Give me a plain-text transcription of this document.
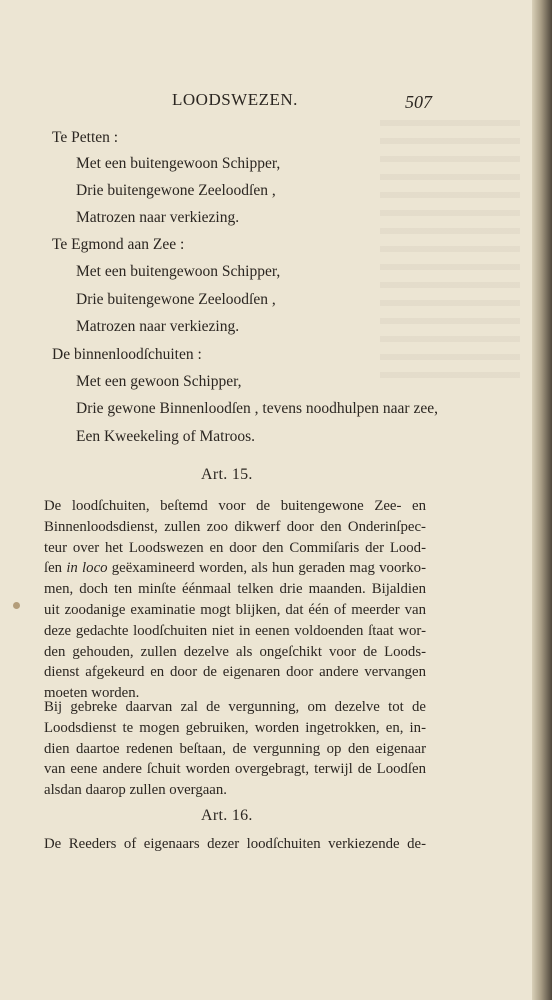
LOODSWEZEN.	507
Te Petten :
Met een buitengewoon Schipper,
Drie buitengewone Zeeloodſen ,
Matrozen naar verkiezing.
Te Egmond aan Zee :
Met een buitengewoon Schipper,
Drie buitengewone Zeeloodſen ,
Matrozen naar verkiezing.
De binnenloodſchuiten :
Met een gewoon Schipper,
Drie gewone Binnenloodſen , tevens noodhulpen naar zee,
Een Kweekeling of Matroos.
Art. 15.
De loodſchuiten, beſtemd voor de buitengewone Zee- en
Binnenloodsdienst, zullen zoo dikwerf door den Onderinſpec-
teur over het Loodswezen en door den Commiſaris der Lood-
ſen in loco geëxamineerd worden, als hun geraden mag voorko-
men, doch ten minſte éénmaal telken drie maanden. Bijaldien
uit zoodanige examinatie mogt blijken, dat één of meerder van
deze gedachte loodſchuiten niet in eenen voldoenden ſtaat wor-
den gehouden, zullen dezelve als ongeſchikt voor de Loods-
dienst afgekeurd en door de eigenaren door andere vervangen
moeten worden.
Bij gebreke daarvan zal de vergunning, om dezelve tot de
Loodsdienst te mogen gebruiken, worden ingetrokken, en, in-
dien daartoe redenen beſtaan, de vergunning op den eigenaar
van eene andere ſchuit worden overgebragt, terwijl de Loodſen
alsdan daarop zullen overgaan.
Art. 16.
De Reeders of eigenaars dezer loodſchuiten verkiezende de-
